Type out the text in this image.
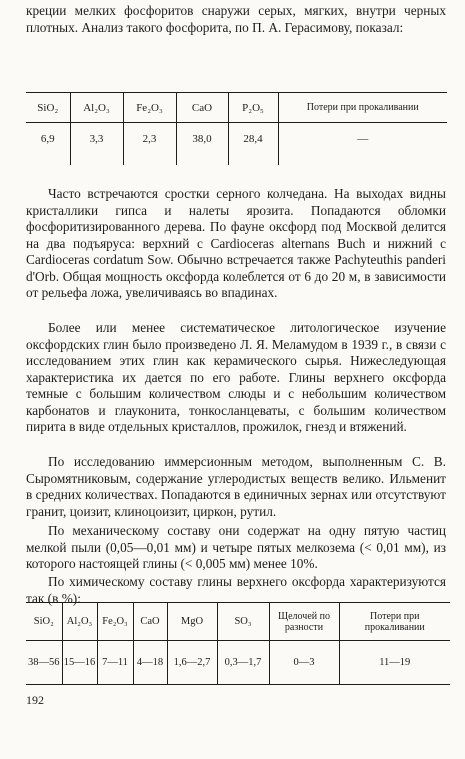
креции мелких фосфоритов снаружи серых, мягких, внутри черных плотных. Анализ такого фосфорита, по П. А. Герасимову, показал:
SiO₂	Al₂O₃	Fe₂O₃	CaO	P₂O₅	Потери при прокаливании
6,9	3,3	2,3	38,0	28,4	—
Часто встречаются сростки серного колчедана. На выходах видны кристаллики гипса и налеты ярозита. Попадаются обломки фосфоритизированного дерева. По фауне оксфорд под Москвой делится на два подъяруса: верхний с Cardioceras alternans Buch и нижний с Cardioceras cordatum Sow. Обычно встречается также Pachyteuthis panderi d'Orb. Общая мощность оксфорда колеблется от 6 до 20 м, в зависимости от рельефа ложа, увеличиваясь во впадинах.
Более или менее систематическое литологическое изучение оксфордских глин было произведено Л. Я. Меламудом в 1939 г., в связи с исследованием этих глин как керамического сырья. Нижеследующая характеристика их дается по его работе. Глины верхнего оксфорда темные с большим количеством слюды и с небольшим количеством карбонатов и глауконита, тонкосланцеваты, с большим количеством пирита в виде отдельных кристаллов, прожилок, гнезд и втяжений.
По исследованию иммерсионным методом, выполненным С. В. Сыромятниковым, содержание углеродистых веществ велико. Ильменит в средних количествах. Попадаются в единичных зернах или отсутствуют гранит, цоизит, клиноцоизит, циркон, рутил.
По механическому составу они содержат на одну пятую частиц мелкой пыли (0,05—0,01 мм) и четыре пятых мелкозема (< 0,01 мм), из которого настоящей глины (< 0,005 мм) менее 10%.
По химическому составу глины верхнего оксфорда характеризуются так (в %):
SiO₂	Al₂O₃	Fe₂O₃	CaO	MgO	SO₃	Щелочей по разности	Потери при прокаливании
38—56	15—16	7—11	4—18	1,6—2,7	0,3—1,7	0—3	11—19
192
